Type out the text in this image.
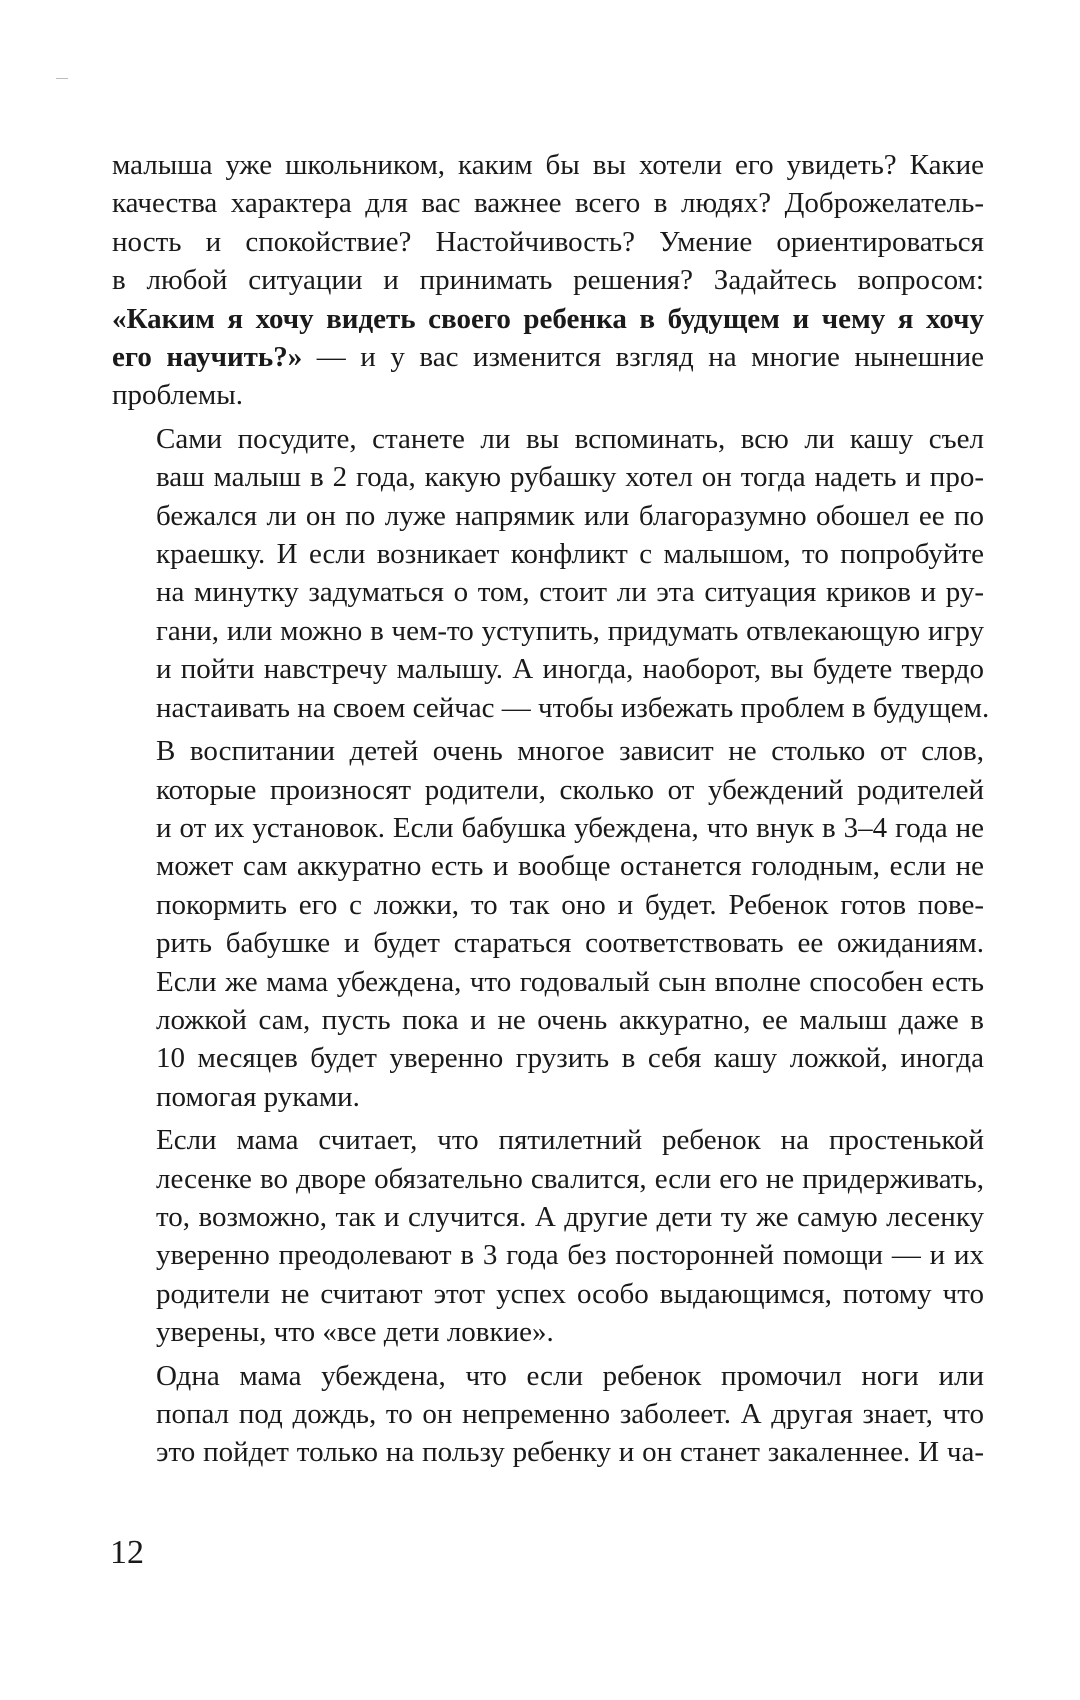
малыша уже школьником, каким бы вы хотели его увидеть? Какие
качества характера для вас важнее всего в людях? Доброжелатель-
ность и спокойствие? Настойчивость? Умение ориентироваться
в любой ситуации и принимать решения? Задайтесь вопросом:
«Каким я хочу видеть своего ребенка в будущем и чему я хочу
его научить?» — и у вас изменится взгляд на многие нынешние
проблемы.
Сами посудите, станете ли вы вспоминать, всю ли кашу съел
ваш малыш в 2 года, какую рубашку хотел он тогда надеть и про-
бежался ли он по луже напрямик или благоразумно обошел ее по
краешку. И если возникает конфликт с малышом, то попробуйте
на минутку задуматься о том, стоит ли эта ситуация криков и ру-
гани, или можно в чем-то уступить, придумать отвлекающую игру
и пойти навстречу малышу. А иногда, наоборот, вы будете твердо
настаивать на своем сейчас — чтобы избежать проблем в будущем.
В воспитании детей очень многое зависит не столько от слов,
которые произносят родители, сколько от убеждений родителей
и от их установок. Если бабушка убеждена, что внук в 3–4 года не
может сам аккуратно есть и вообще останется голодным, если не
покормить его с ложки, то так оно и будет. Ребенок готов пове-
рить бабушке и будет стараться соответствовать ее ожиданиям.
Если же мама убеждена, что годовалый сын вполне способен есть
ложкой сам, пусть пока и не очень аккуратно, ее малыш даже в
10 месяцев будет уверенно грузить в себя кашу ложкой, иногда
помогая руками.
Если мама считает, что пятилетний ребенок на простенькой
лесенке во дворе обязательно свалится, если его не придерживать,
то, возможно, так и случится. А другие дети ту же самую лесенку
уверенно преодолевают в 3 года без посторонней помощи — и их
родители не считают этот успех особо выдающимся, потому что
уверены, что «все дети ловкие».
Одна мама убеждена, что если ребенок промочил ноги или
попал под дождь, то он непременно заболеет. А другая знает, что
это пойдет только на пользу ребенку и он станет закаленнее. И ча-
12
